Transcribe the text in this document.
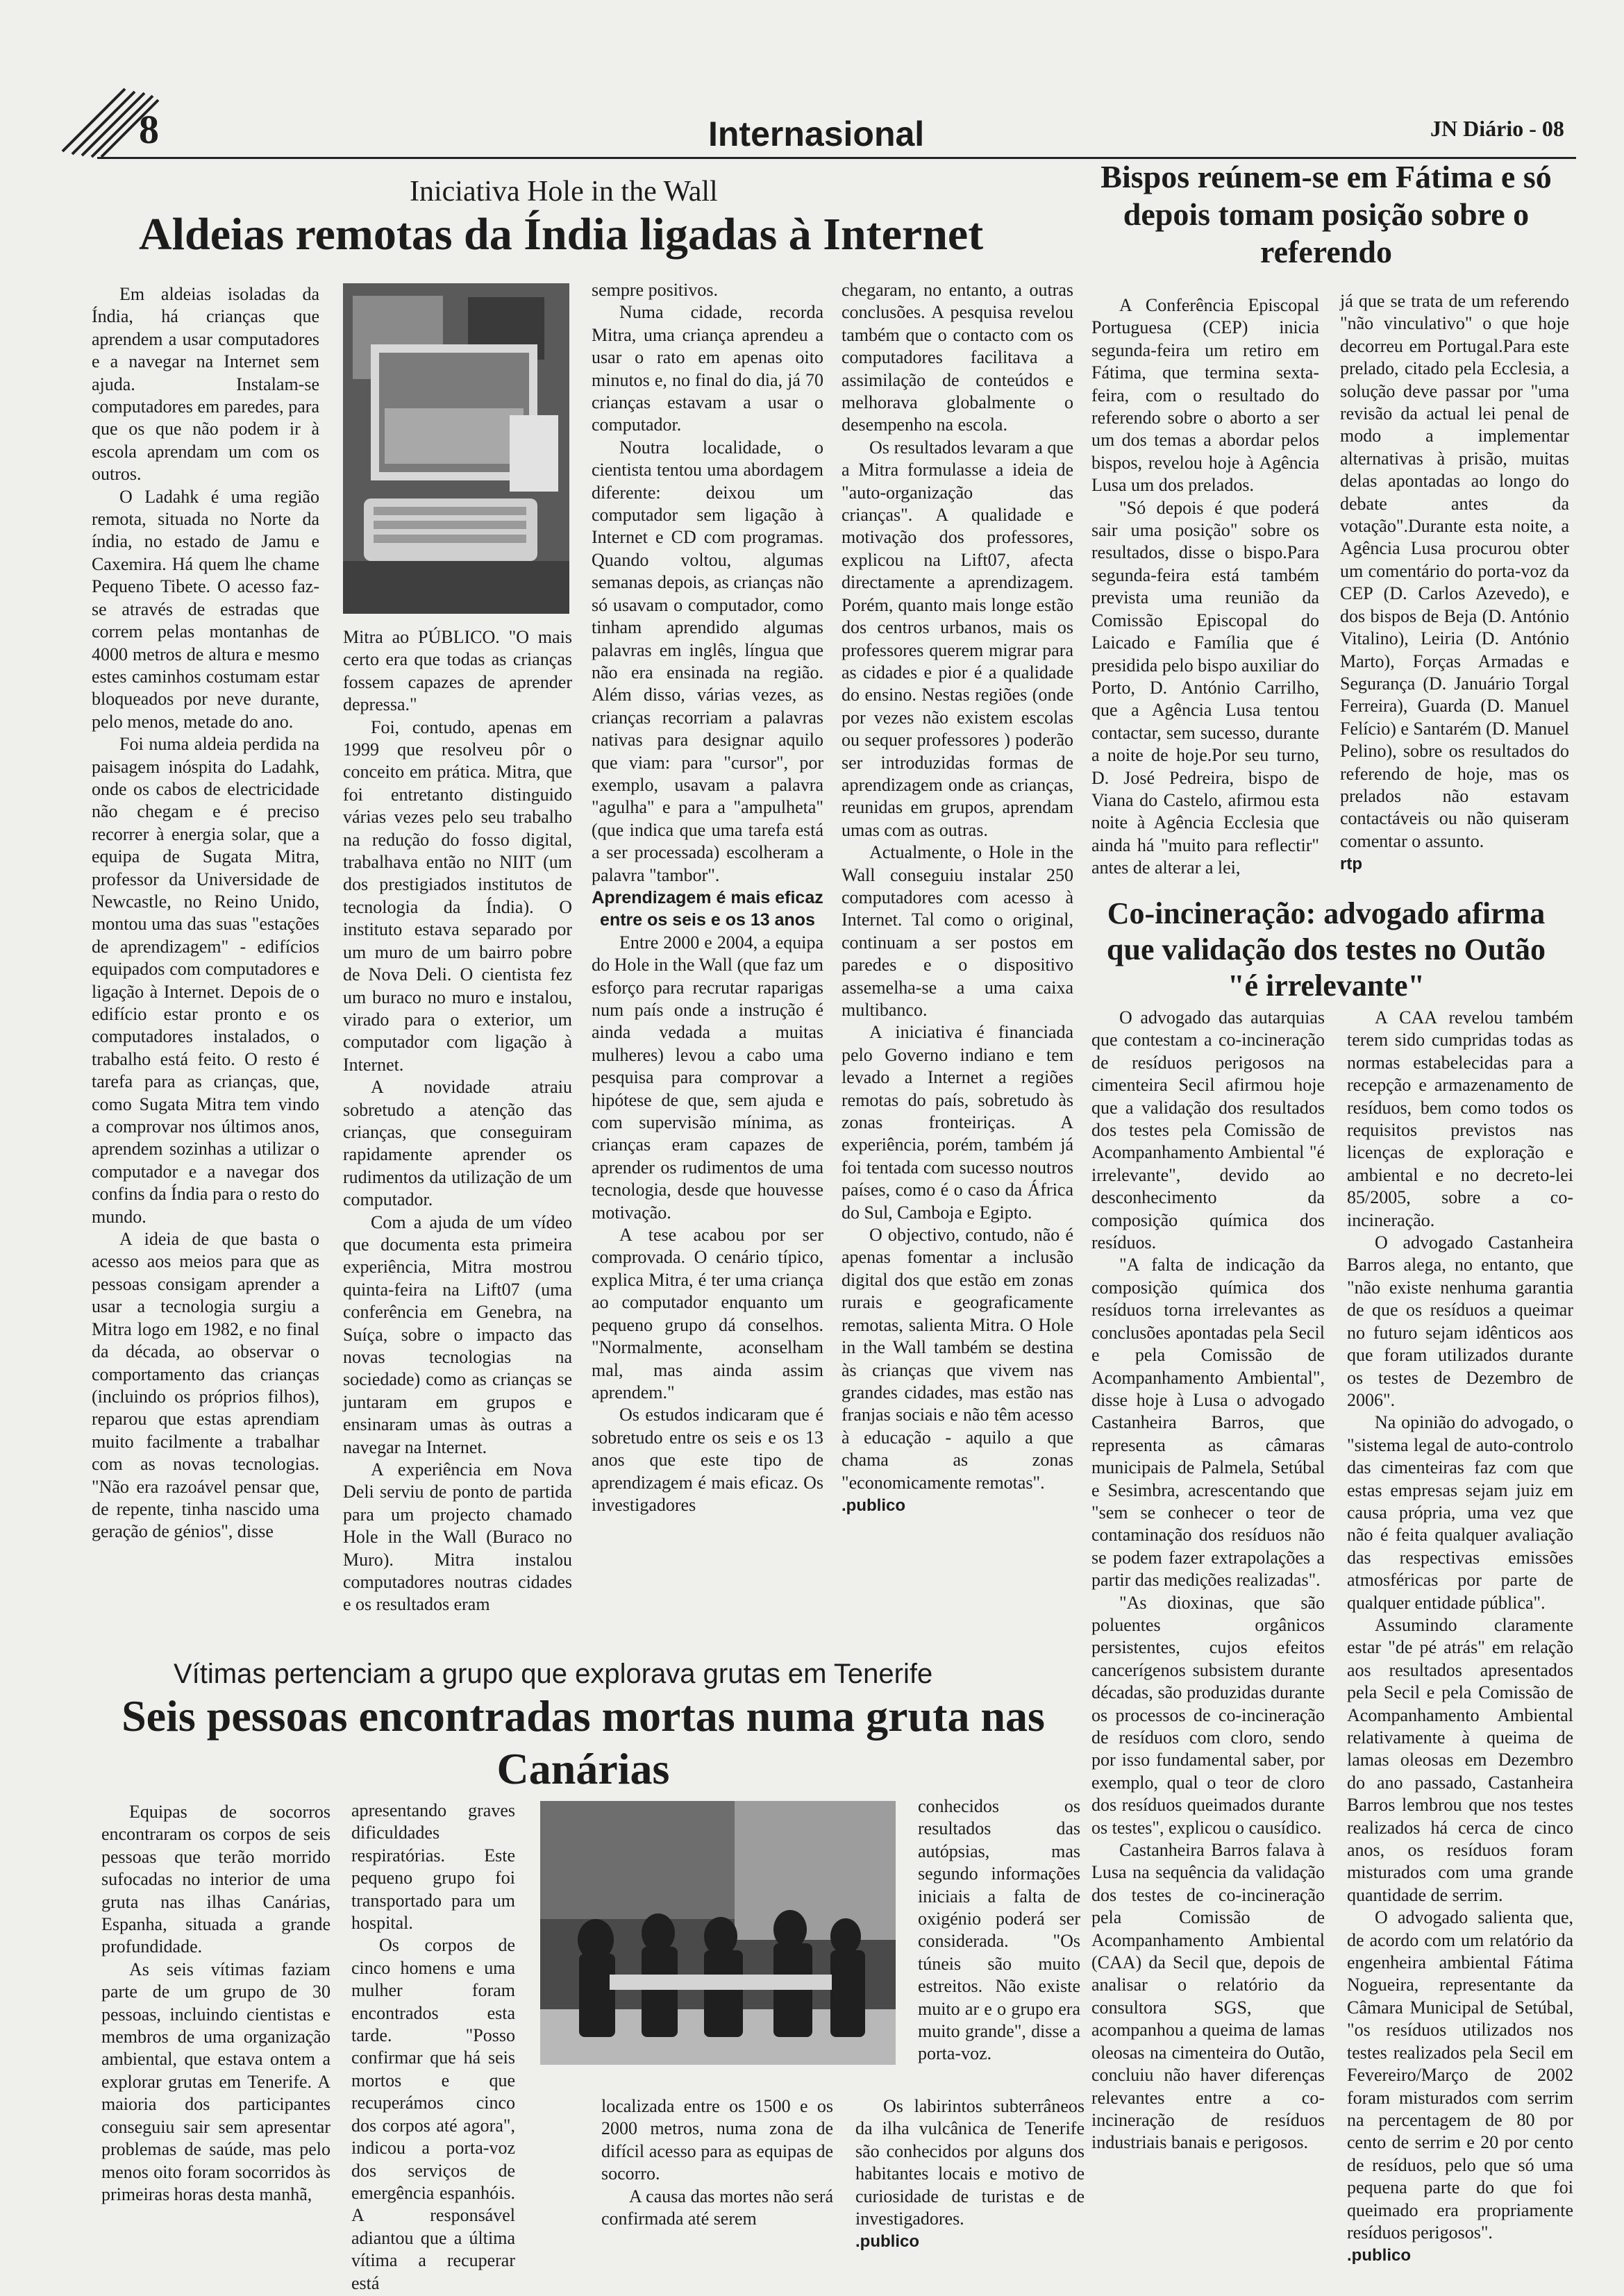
8	Internasional	JN Diário - 08
Iniciativa Hole in the Wall
Aldeias remotas da Índia ligadas à Internet

Em aldeias isoladas da Índia, há crianças que aprendem a usar computadores e a navegar na Internet sem ajuda. Instalam-se computadores em paredes, para que os que não podem ir à escola aprendam um com os outros.

O Ladahk é uma região remota, situada no Norte da índia, no estado de Jamu e Caxemira. Há quem lhe chame Pequeno Tibete. O acesso faz-se através de estradas que correm pelas montanhas de 4000 metros de altura e mesmo estes caminhos costumam estar bloqueados por neve durante, pelo menos, metade do ano.

Foi numa aldeia perdida na paisagem inóspita do Ladahk, onde os cabos de electricidade não chegam e é preciso recorrer à energia solar, que a equipa de Sugata Mitra, professor da Universidade de Newcastle, no Reino Unido, montou uma das suas "estações de aprendizagem" - edifícios equipados com computadores e ligação à Internet. Depois de o edifício estar pronto e os computadores instalados, o trabalho está feito. O resto é tarefa para as crianças, que, como Sugata Mitra tem vindo a comprovar nos últimos anos, aprendem sozinhas a utilizar o computador e a navegar dos confins da Índia para o resto do mundo.

A ideia de que basta o acesso aos meios para que as pessoas consigam aprender a usar a tecnologia surgiu a Mitra logo em 1982, e no final da década, ao observar o comportamento das crianças (incluindo os próprios filhos), reparou que estas aprendiam muito facilmente a trabalhar com as novas tecnologias. "Não era razoável pensar que, de repente, tinha nascido uma geração de génios", disse

Mitra ao PÚBLICO. "O mais certo era que todas as crianças fossem capazes de aprender depressa."

Foi, contudo, apenas em 1999 que resolveu pôr o conceito em prática. Mitra, que foi entretanto distinguido várias vezes pelo seu trabalho na redução do fosso digital, trabalhava então no NIIT (um dos prestigiados institutos de tecnologia da Índia). O instituto estava separado por um muro de um bairro pobre de Nova Deli. O cientista fez um buraco no muro e instalou, virado para o exterior, um computador com ligação à Internet.

A novidade atraiu sobretudo a atenção das crianças, que conseguiram rapidamente aprender os rudimentos da utilização de um computador.

Com a ajuda de um vídeo que documenta esta primeira experiência, Mitra mostrou quinta-feira na Lift07 (uma conferência em Genebra, na Suíça, sobre o impacto das novas tecnologias na sociedade) como as crianças se juntaram em grupos e ensinaram umas às outras a navegar na Internet.

A experiência em Nova Deli serviu de ponto de partida para um projecto chamado Hole in the Wall (Buraco no Muro). Mitra instalou computadores noutras cidades e os resultados eram

sempre positivos.

Numa cidade, recorda Mitra, uma criança aprendeu a usar o rato em apenas oito minutos e, no final do dia, já 70 crianças estavam a usar o computador.

Noutra localidade, o cientista tentou uma abordagem diferente: deixou um computador sem ligação à Internet e CD com programas. Quando voltou, algumas semanas depois, as crianças não só usavam o computador, como tinham aprendido algumas palavras em inglês, língua que não era ensinada na região. Além disso, várias vezes, as crianças recorriam a palavras nativas para designar aquilo que viam: para "cursor", por exemplo, usavam a palavra "agulha" e para a "ampulheta" (que indica que uma tarefa está a ser processada) escolheram a palavra "tambor".

Aprendizagem é mais eficaz entre os seis e os 13 anos

Entre 2000 e 2004, a equipa do Hole in the Wall (que faz um esforço para recrutar raparigas num país onde a instrução é ainda vedada a muitas mulheres) levou a cabo uma pesquisa para comprovar a hipótese de que, sem ajuda e com supervisão mínima, as crianças eram capazes de aprender os rudimentos de uma tecnologia, desde que houvesse motivação.

A tese acabou por ser comprovada. O cenário típico, explica Mitra, é ter uma criança ao computador enquanto um pequeno grupo dá conselhos. "Normalmente, aconselham mal, mas ainda assim aprendem."

Os estudos indicaram que é sobretudo entre os seis e os 13 anos que este tipo de aprendizagem é mais eficaz. Os investigadores

chegaram, no entanto, a outras conclusões. A pesquisa revelou também que o contacto com os computadores facilitava a assimilação de conteúdos e melhorava globalmente o desempenho na escola.

Os resultados levaram a que a Mitra formulasse a ideia de "auto-organização das crianças". A qualidade e motivação dos professores, explicou na Lift07, afecta directamente a aprendizagem. Porém, quanto mais longe estão dos centros urbanos, mais os professores querem migrar para as cidades e pior é a qualidade do ensino. Nestas regiões (onde por vezes não existem escolas ou sequer professores ) poderão ser introduzidas formas de aprendizagem onde as crianças, reunidas em grupos, aprendam umas com as outras.

Actualmente, o Hole in the Wall conseguiu instalar 250 computadores com acesso à Internet. Tal como o original, continuam a ser postos em paredes e o dispositivo assemelha-se a uma caixa multibanco.

A iniciativa é financiada pelo Governo indiano e tem levado a Internet a regiões remotas do país, sobretudo às zonas fronteiriças. A experiência, porém, também já foi tentada com sucesso noutros países, como é o caso da África do Sul, Camboja e Egipto.

O objectivo, contudo, não é apenas fomentar a inclusão digital dos que estão em zonas rurais e geograficamente remotas, salienta Mitra. O Hole in the Wall também se destina às crianças que vivem nas grandes cidades, mas estão nas franjas sociais e não têm acesso à educação - aquilo a que chama as zonas "economicamente remotas".

.publico
Bispos reúnem-se em Fátima e só depois tomam posição sobre o referendo

A Conferência Episcopal Portuguesa (CEP) inicia segunda-feira um retiro em Fátima, que termina sexta-feira, com o resultado do referendo sobre o aborto a ser um dos temas a abordar pelos bispos, revelou hoje à Agência Lusa um dos prelados.

"Só depois é que poderá sair uma posição" sobre os resultados, disse o bispo.Para segunda-feira está também prevista uma reunião da Comissão Episcopal do Laicado e Família que é presidida pelo bispo auxiliar do Porto, D. António Carrilho, que a Agência Lusa tentou contactar, sem sucesso, durante a noite de hoje.Por seu turno, D. José Pedreira, bispo de Viana do Castelo, afirmou esta noite à Agência Ecclesia que ainda há "muito para reflectir" antes de alterar a lei,

já que se trata de um referendo "não vinculativo" o que hoje decorreu em Portugal.Para este prelado, citado pela Ecclesia, a solução deve passar por "uma revisão da actual lei penal de modo a implementar alternativas à prisão, muitas delas apontadas ao longo do debate antes da votação".Durante esta noite, a Agência Lusa procurou obter um comentário do porta-voz da CEP (D. Carlos Azevedo), e dos bispos de Beja (D. António Vitalino), Leiria (D. António Marto), Forças Armadas e Segurança (D. Januário Torgal Ferreira), Guarda (D. Manuel Felício) e Santarém (D. Manuel Pelino), sobre os resultados do referendo de hoje, mas os prelados não estavam contactáveis ou não quiseram comentar o assunto.

rtp
Co-incineração: advogado afirma que validação dos testes no Outão "é irrelevante"

O advogado das autarquias que contestam a co-incineração de resíduos perigosos na cimenteira Secil afirmou hoje que a validação dos resultados dos testes pela Comissão de Acompanhamento Ambiental "é irrelevante", devido ao desconhecimento da composição química dos resíduos.

"A falta de indicação da composição química dos resíduos torna irrelevantes as conclusões apontadas pela Secil e pela Comissão de Acompanhamento Ambiental", disse hoje à Lusa o advogado Castanheira Barros, que representa as câmaras municipais de Palmela, Setúbal e Sesimbra, acrescentando que "sem se conhecer o teor de contaminação dos resíduos não se podem fazer extrapolações a partir das medições realizadas".

"As dioxinas, que são poluentes orgânicos persistentes, cujos efeitos cancerígenos subsistem durante décadas, são produzidas durante os processos de co-incineração de resíduos com cloro, sendo por isso fundamental saber, por exemplo, qual o teor de cloro dos resíduos queimados durante os testes", explicou o causídico.

Castanheira Barros falava à Lusa na sequência da validação dos testes de co-incineração pela Comissão de Acompanhamento Ambiental (CAA) da Secil que, depois de analisar o relatório da consultora SGS, que acompanhou a queima de lamas oleosas na cimenteira do Outão, concluiu não haver diferenças relevantes entre a co-incineração de resíduos industriais banais e perigosos.

A CAA revelou também terem sido cumpridas todas as normas estabelecidas para a recepção e armazenamento de resíduos, bem como todos os requisitos previstos nas licenças de exploração e ambiental e no decreto-lei 85/2005, sobre a co-incineração.

O advogado Castanheira Barros alega, no entanto, que "não existe nenhuma garantia de que os resíduos a queimar no futuro sejam idênticos aos que foram utilizados durante os testes de Dezembro de 2006".

Na opinião do advogado, o "sistema legal de auto-controlo das cimenteiras faz com que estas empresas sejam juiz em causa própria, uma vez que não é feita qualquer avaliação das respectivas emissões atmosféricas por parte de qualquer entidade pública".

Assumindo claramente estar "de pé atrás" em relação aos resultados apresentados pela Secil e pela Comissão de Acompanhamento Ambiental relativamente à queima de lamas oleosas em Dezembro do ano passado, Castanheira Barros lembrou que nos testes realizados há cerca de cinco anos, os resíduos foram misturados com uma grande quantidade de serrim.

O advogado salienta que, de acordo com um relatório da engenheira ambiental Fátima Nogueira, representante da Câmara Municipal de Setúbal, "os resíduos utilizados nos testes realizados pela Secil em Fevereiro/Março de 2002 foram misturados com serrim na percentagem de 80 por cento de serrim e 20 por cento de resíduos, pelo que só uma pequena parte do que foi queimado era propriamente resíduos perigosos".

.publico
Vítimas pertenciam a grupo que explorava grutas em Tenerife
Seis pessoas encontradas mortas numa gruta nas Canárias

Equipas de socorros encontraram os corpos de seis pessoas que terão morrido sufocadas no interior de uma gruta nas ilhas Canárias, Espanha, situada a grande profundidade.

As seis vítimas faziam parte de um grupo de 30 pessoas, incluindo cientistas e membros de uma organização ambiental, que estava ontem a explorar grutas em Tenerife. A maioria dos participantes conseguiu sair sem apresentar problemas de saúde, mas pelo menos oito foram socorridos às primeiras horas desta manhã,

apresentando graves dificuldades respiratórias. Este pequeno grupo foi transportado para um hospital.

Os corpos de cinco homens e uma mulher foram encontrados esta tarde. "Posso confirmar que há seis mortos e que recuperámos cinco dos corpos até agora", indicou a porta-voz dos serviços de emergência espanhóis. A responsável adiantou que a última vítima a recuperar está

localizada entre os 1500 e os 2000 metros, numa zona de difícil acesso para as equipas de socorro.

A causa das mortes não será confirmada até serem

conhecidos os resultados das autópsias, mas segundo informações iniciais a falta de oxigénio poderá ser considerada. "Os túneis são muito estreitos. Não existe muito ar e o grupo era muito grande", disse a porta-voz.

Os labirintos subterrâneos da ilha vulcânica de Tenerife são conhecidos por alguns dos habitantes locais e motivo de curiosidade de turistas e de investigadores.

.publico
